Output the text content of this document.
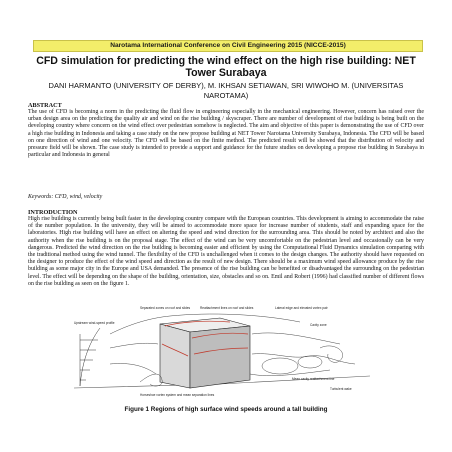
Narotama International Conference on Civil Engineering 2015 (NICCE-2015)
CFD simulation for predicting the wind effect on the high rise building: NET Tower Surabaya

DANI HARMANTO (UNIVERSITY OF DERBY), M. IKHSAN SETIAWAN, SRI WIWOHO M. (UNIVERSITAS NAROTAMA)

ABSTRACT

The use of CFD is becoming a norm in the predicting the fluid flow in engineering especially in the mechanical engineering. However, concern has raised over the urban design area on the predicting the quality air and wind on the rise building / skyscraper. There are number of development of rise building is being built on the developing country where concern on the wind effect over pedestrian somehow is neglected. The aim and objective of this paper is demonstrating the use of CFD over a high rise building in Indonesia and taking a case study on the new propose building at NET Tower Narotama University Surabaya, Indonesia. The CFD will be based on one direction of wind and one velocity. The CFD will be based on the finite method. The predicted result will be showed that the distribution of velocity and pressure field will be shown. The case study is intended to provide a support and guidance for the future studies on developing a propose rise building in Surabaya in particular and Indonesia in general

Keywords: CFD, wind, velocity

INTRODUCTION

High rise building is currently being built faster in the developing country compare with the European countries. This development is aiming to accommodate the raise of the number population. In the university, they will be aimed to accommodate more space for increase number of students, staff and expanding space for the laboratories. High rise building will have an effect on altering the speed and wind direction for the surrounding area. This should be noted by architect and also the authority when the rise building is on the proposal stage. The effect of the wind can be very uncomfortable on the pedestrian level and occasionally can be very dangerous. Predicted the wind direction on the rise building is becoming easier and efficient by using the Computational Fluid Dynamics simulation comparing with the traditional method using the wind tunnel. The flexibility of the CFD is unchallenged when it comes to the design changes. The authority should have requested on the designer to produce the effect of the wind speed and direction as the result of new design. There should be a maximum wind speed allowance produce by the rise building as some major city in the Europe and USA demanded. The presence of the rise building can be benefited or disadvantaged the surrounding on the pedestrian level. The effect will be depending on the shape of the building, orientation, size, obstacles and so on. Emil and Robert (1996) had classified number of different flows on the rise building as seen on the figure 1.

Upstream wind-speed profile
Separated zones on roof and slides	Reattachment lines on roof and slides	Lateral edge and elevated vortex pair
Cavity zone
Mean cavity reattachment line
Turbulent wake
Horseshoe vortex system and mean separation lines

Figure 1 Regions of high surface wind speeds around a tall building
